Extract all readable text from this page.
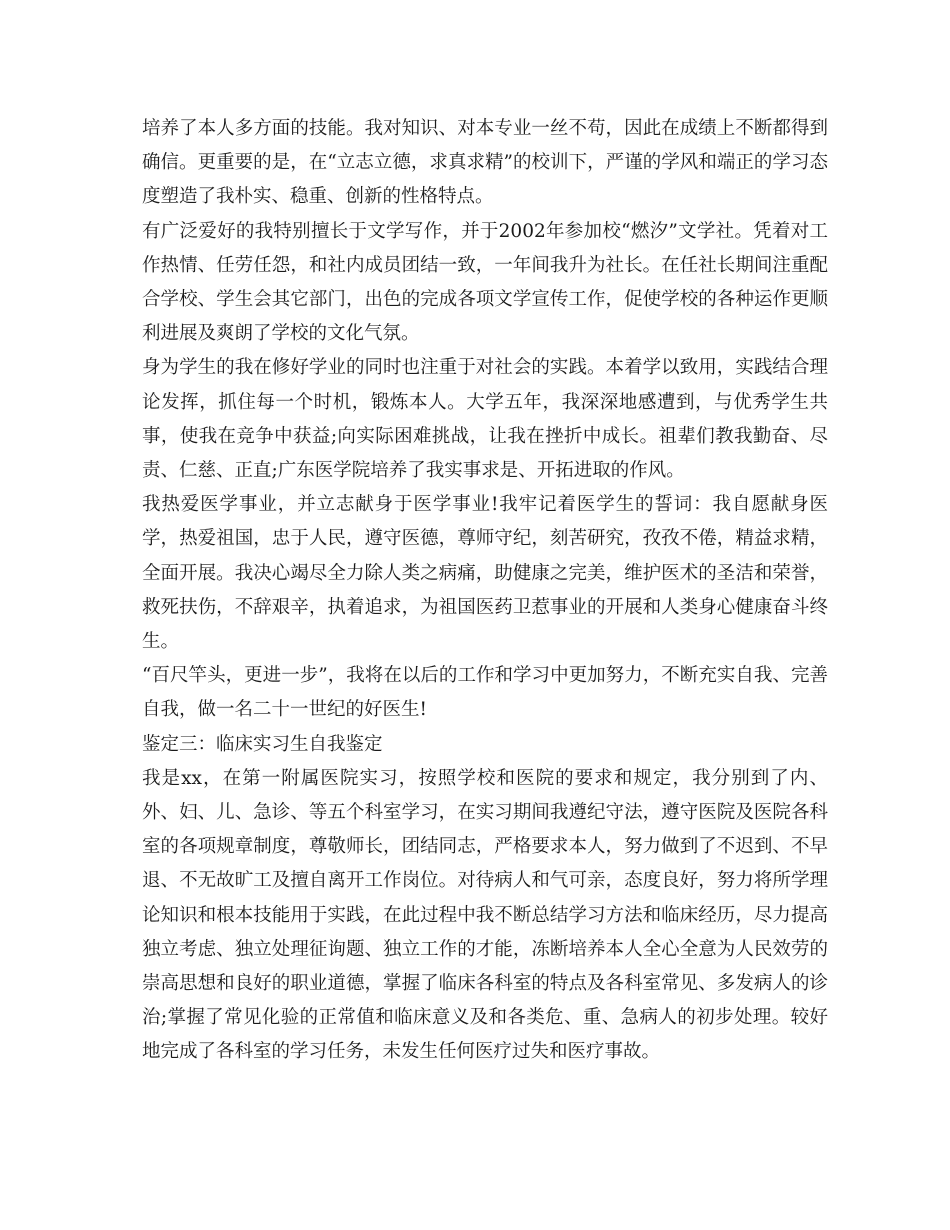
培养了本人多方面的技能。我对知识、对本专业一丝不苟，因此在成绩上不断都得到确信。更重要的是，在“立志立德，求真求精”的校训下，严谨的学风和端正的学习态度塑造了我朴实、稳重、创新的性格特点。

有广泛爱好的我特别擅长于文学写作，并于2002年参加校“燃汐”文学社。凭着对工作热情、任劳任怨，和社内成员团结一致，一年间我升为社长。在任社长期间注重配合学校、学生会其它部门，出色的完成各项文学宣传工作，促使学校的各种运作更顺利进展及爽朗了学校的文化气氛。

身为学生的我在修好学业的同时也注重于对社会的实践。本着学以致用，实践结合理论发挥，抓住每一个时机，锻炼本人。大学五年，我深深地感遭到，与优秀学生共事，使我在竞争中获益;向实际困难挑战，让我在挫折中成长。祖辈们教我勤奋、尽责、仁慈、正直;广东医学院培养了我实事求是、开拓进取的作风。

我热爱医学事业，并立志献身于医学事业!我牢记着医学生的誓词：我自愿献身医学，热爱祖国，忠于人民，遵守医德，尊师守纪，刻苦研究，孜孜不倦，精益求精，全面开展。我决心竭尽全力除人类之病痛，助健康之完美，维护医术的圣洁和荣誉，救死扶伤，不辞艰辛，执着追求，为祖国医药卫惹事业的开展和人类身心健康奋斗终生。

“百尺竿头，更进一步”，我将在以后的工作和学习中更加努力，不断充实自我、完善自我，做一名二十一世纪的好医生!

鉴定三：临床实习生自我鉴定

我是xx，在第一附属医院实习，按照学校和医院的要求和规定，我分别到了内、外、妇、儿、急诊、等五个科室学习，在实习期间我遵纪守法，遵守医院及医院各科室的各项规章制度，尊敬师长，团结同志，严格要求本人，努力做到了不迟到、不早退、不无故旷工及擅自离开工作岗位。对待病人和气可亲，态度良好，努力将所学理论知识和根本技能用于实践，在此过程中我不断总结学习方法和临床经历，尽力提高独立考虑、独立处理征询题、独立工作的才能，冻断培养本人全心全意为人民效劳的崇高思想和良好的职业道德，掌握了临床各科室的特点及各科室常见、多发病人的诊治;掌握了常见化验的正常值和临床意义及和各类危、重、急病人的初步处理。较好地完成了各科室的学习任务，未发生任何医疗过失和医疗事故。
